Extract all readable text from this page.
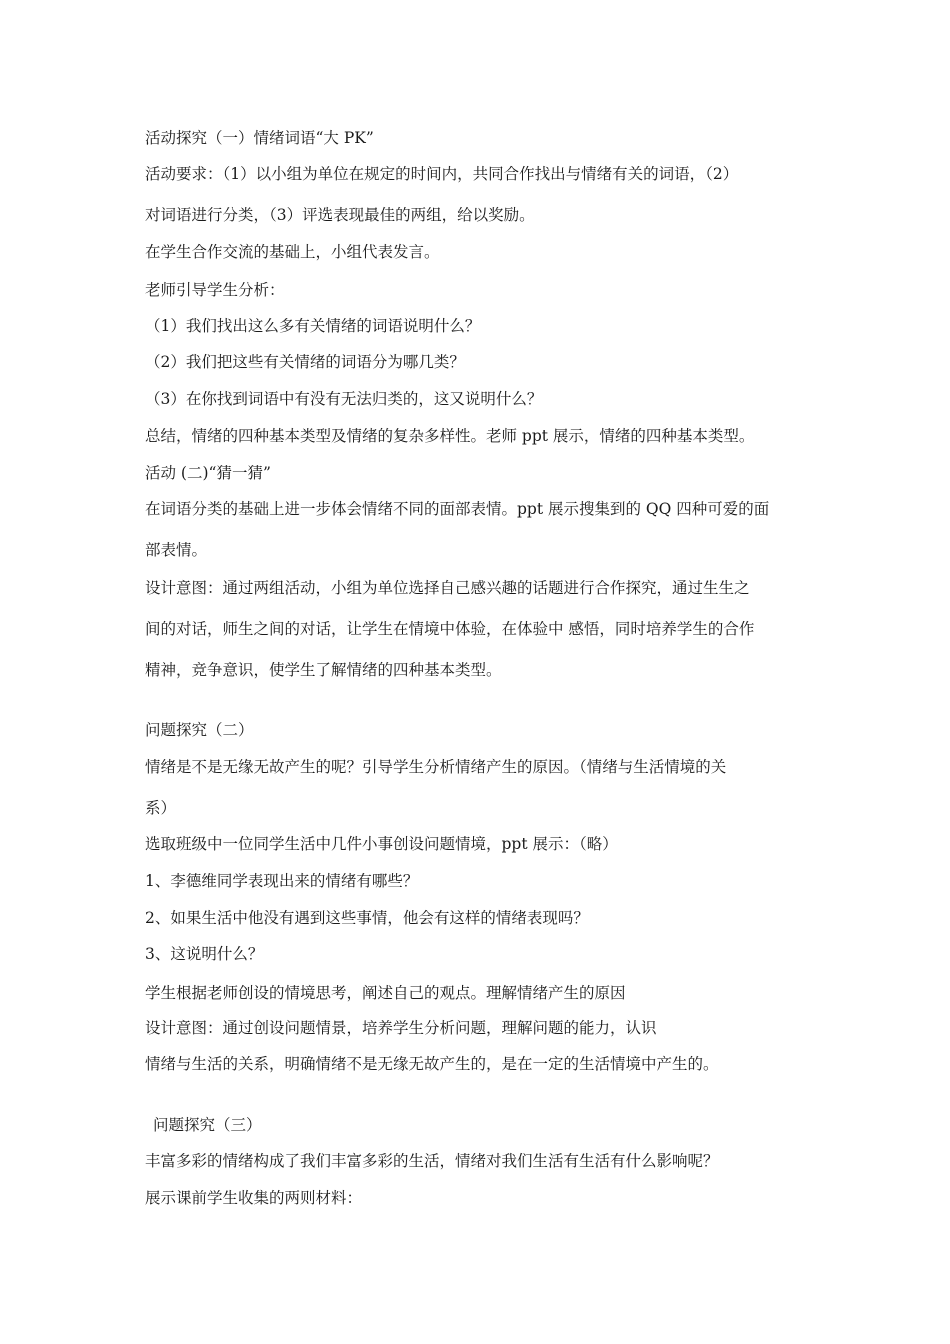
活动探究（一）情绪词语“大 PK”
活动要求：（1）以小组为单位在规定的时间内，共同合作找出与情绪有关的词语，（2）
对词语进行分类，（3）评选表现最佳的两组，给以奖励。
在学生合作交流的基础上，小组代表发言。
老师引导学生分析：
（1）我们找出这么多有关情绪的词语说明什么？
（2）我们把这些有关情绪的词语分为哪几类？
（3）在你找到词语中有没有无法归类的，这又说明什么？
总结，情绪的四种基本类型及情绪的复杂多样性。老师 ppt 展示，情绪的四种基本类型。
活动 (二)“猜一猜”
在词语分类的基础上进一步体会情绪不同的面部表情。ppt 展示搜集到的 QQ 四种可爱的面
部表情。
设计意图：通过两组活动，小组为单位选择自己感兴趣的话题进行合作探究，通过生生之
间的对话，师生之间的对话，让学生在情境中体验，在体验中 感悟，同时培养学生的合作
精神，竞争意识，使学生了解情绪的四种基本类型。
问题探究（二）
情绪是不是无缘无故产生的呢？引导学生分析情绪产生的原因。（情绪与生活情境的关
系）
选取班级中一位同学生活中几件小事创设问题情境，ppt 展示：（略）
1、李德维同学表现出来的情绪有哪些？
2、如果生活中他没有遇到这些事情，他会有这样的情绪表现吗？
3、这说明什么？
学生根据老师创设的情境思考，阐述自己的观点。理解情绪产生的原因
设计意图：通过创设问题情景，培养学生分析问题，理解问题的能力，认识
情绪与生活的关系，明确情绪不是无缘无故产生的，是在一定的生活情境中产生的。
问题探究（三）
丰富多彩的情绪构成了我们丰富多彩的生活，情绪对我们生活有生活有什么影响呢？
展示课前学生收集的两则材料：
